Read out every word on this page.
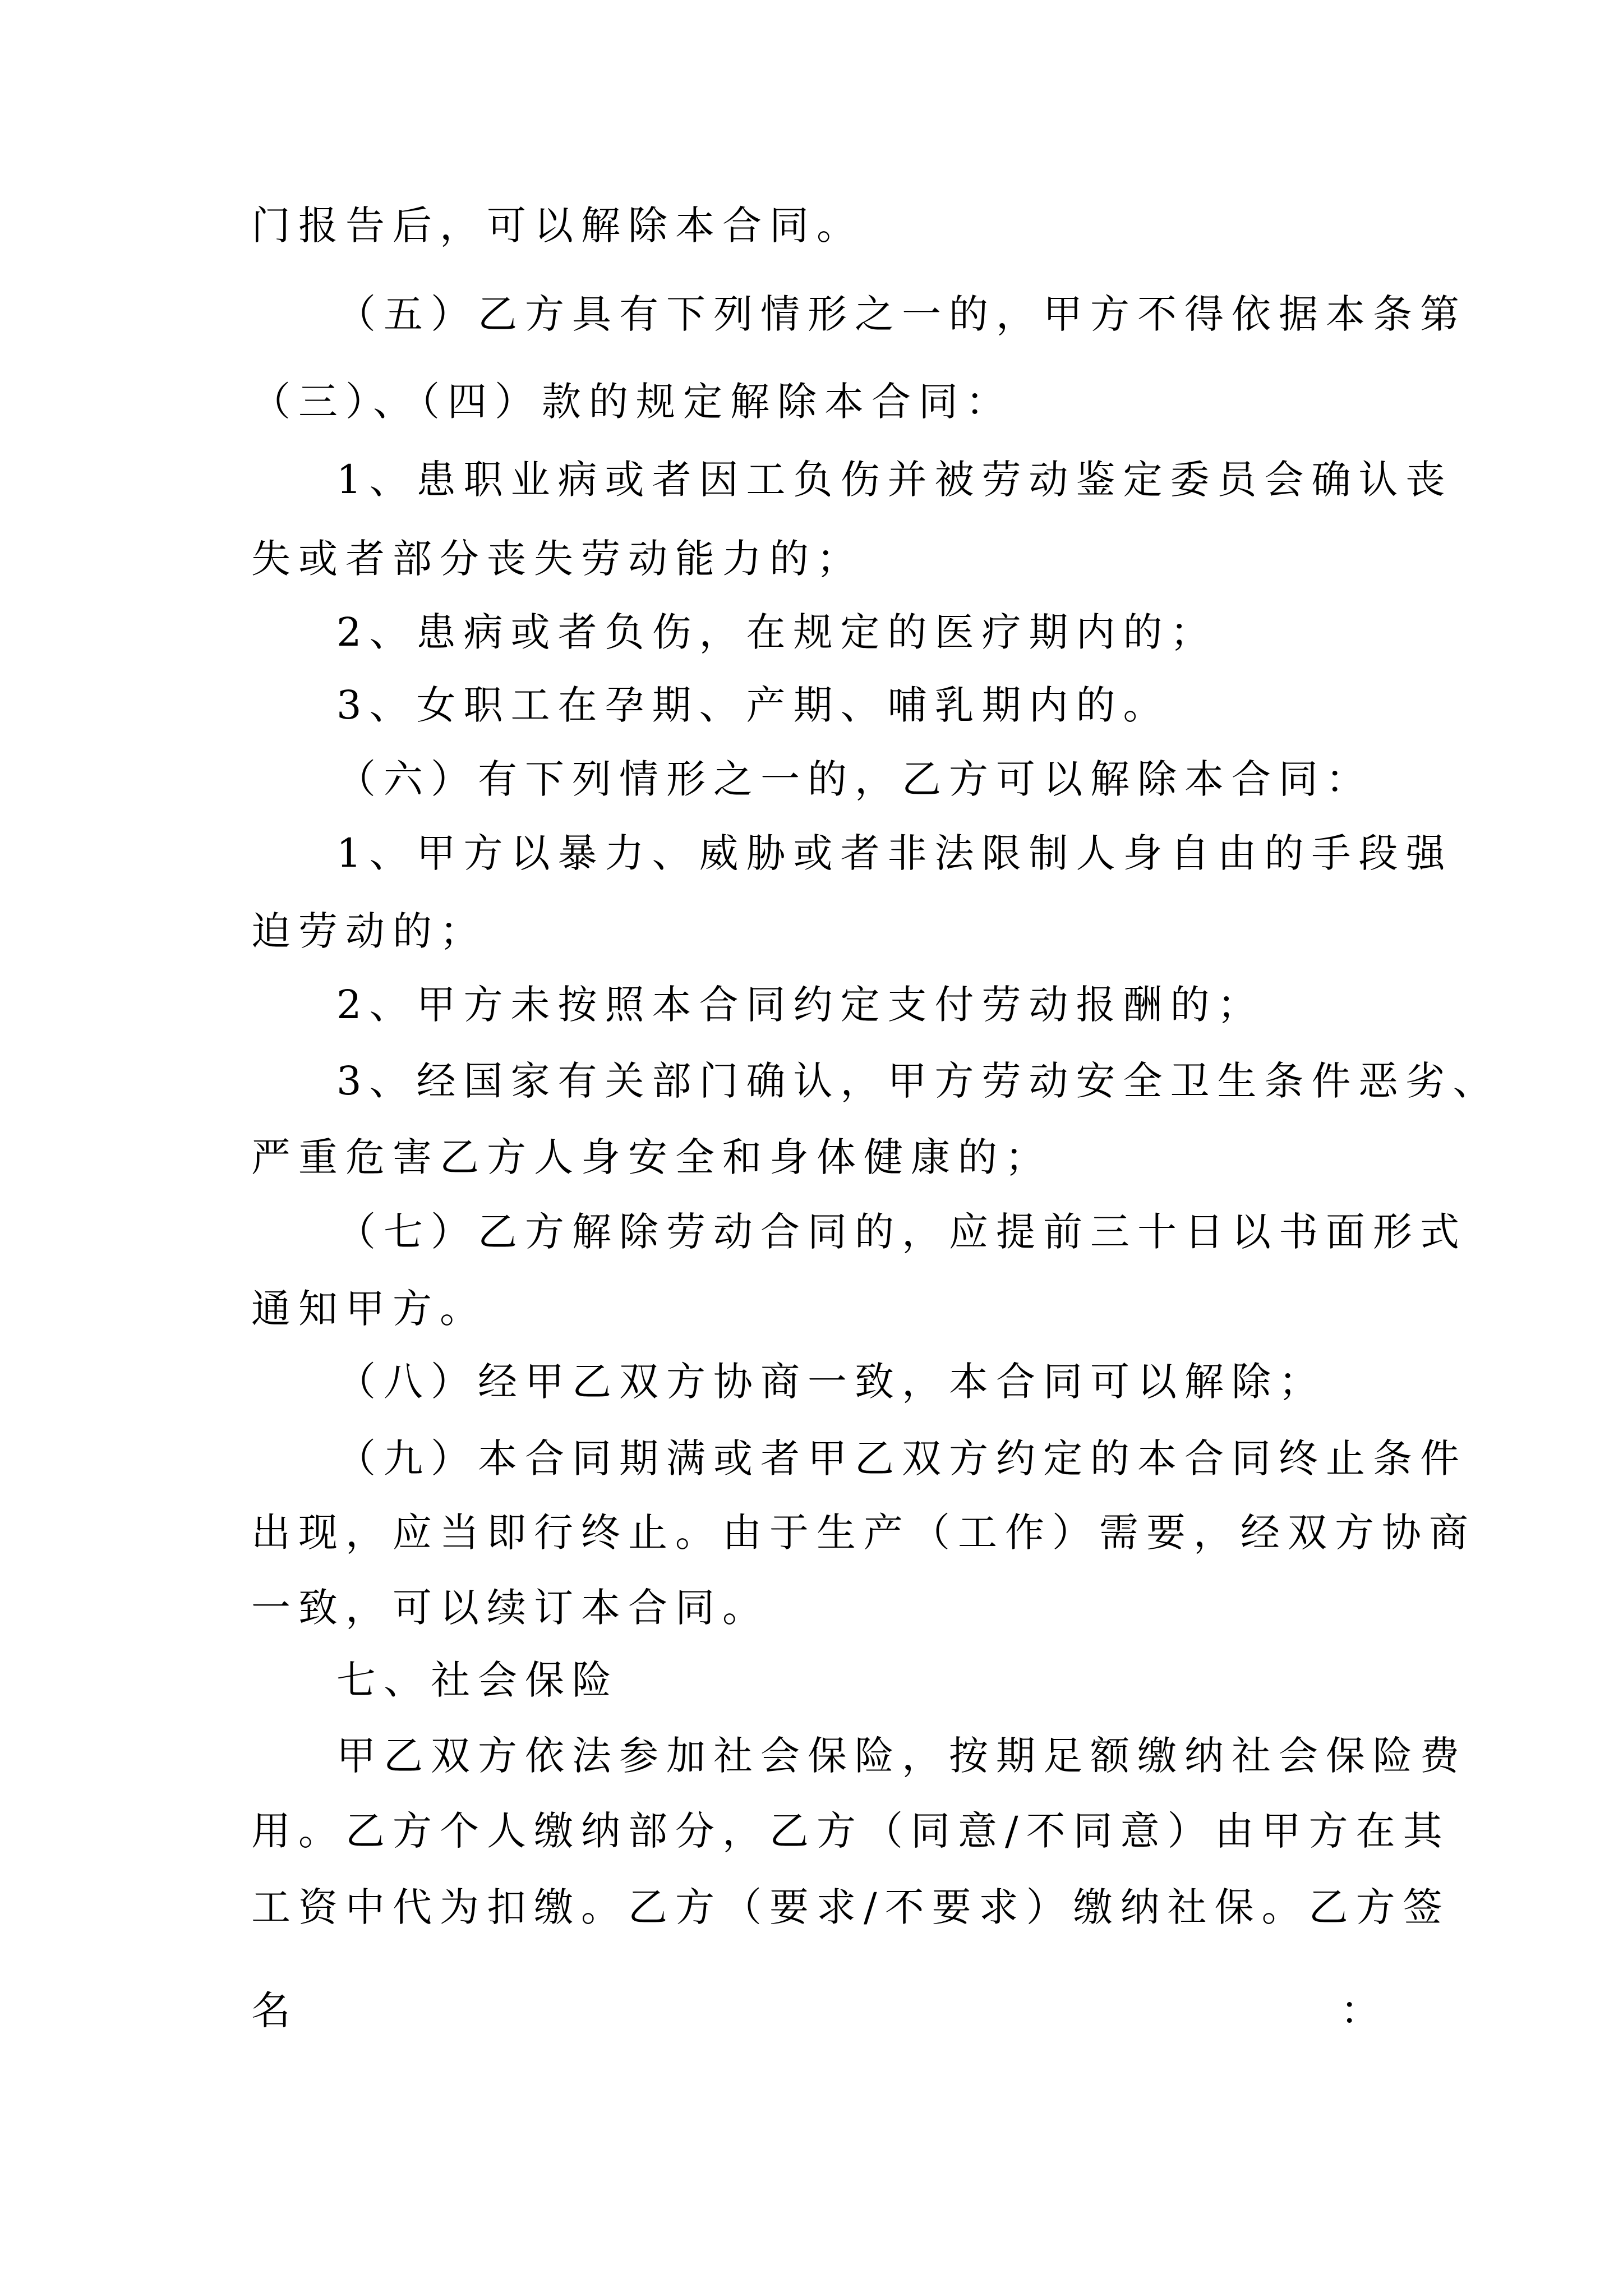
门报告后，可以解除本合同。
（五）乙方具有下列情形之一的，甲方不得依据本条第
（三）、（四）款的规定解除本合同：
1、患职业病或者因工负伤并被劳动鉴定委员会确认丧
失或者部分丧失劳动能力的；
2、患病或者负伤，在规定的医疗期内的；
3、女职工在孕期、产期、哺乳期内的。
（六）有下列情形之一的，乙方可以解除本合同：
1、甲方以暴力、威胁或者非法限制人身自由的手段强
迫劳动的；
2、甲方未按照本合同约定支付劳动报酬的；
3、经国家有关部门确认，甲方劳动安全卫生条件恶劣、
严重危害乙方人身安全和身体健康的；
（七）乙方解除劳动合同的，应提前三十日以书面形式
通知甲方。
（八）经甲乙双方协商一致，本合同可以解除；
（九）本合同期满或者甲乙双方约定的本合同终止条件
出现，应当即行终止。由于生产（工作）需要，经双方协商
一致，可以续订本合同。
七、社会保险
甲乙双方依法参加社会保险，按期足额缴纳社会保险费
用。乙方个人缴纳部分，乙方（同意/不同意）由甲方在其
工资中代为扣缴。乙方（要求/不要求）缴纳社保。乙方签
名	：
